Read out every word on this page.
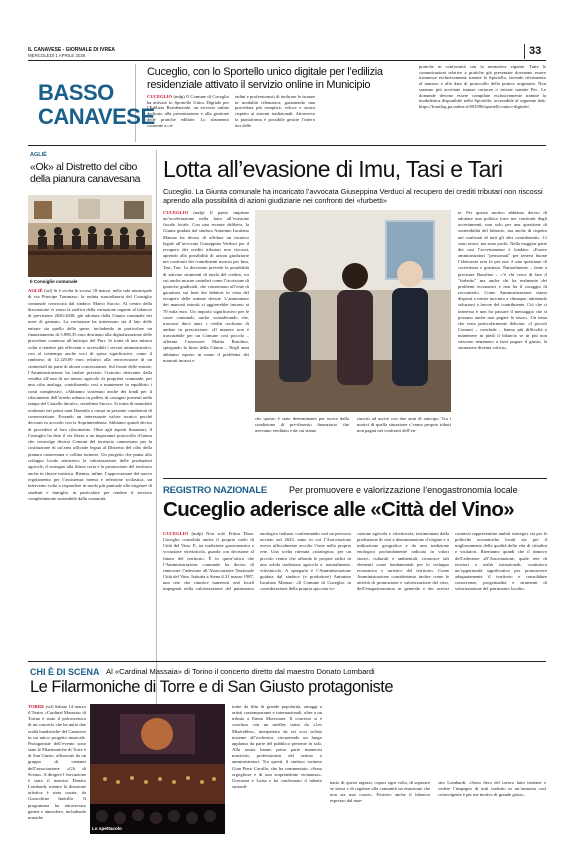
IL CANAVESE - GIORNALE DI IVREA
MERCOLEDÌ 1 APRILE 2026	33
BASSO
CANAVESE
Cuceglio, con lo Sportello unico digitale per l’edilizia residenziale attivato il servizio online in Municipio
CUCEGLIO (mdp) Il Comune di Cuceglio ha attivato lo Sportello Unico Digitale per l’Edilizia Residenziale, un servizio online dedicato alla presentazione e alla gestione delle pratiche edilizie. Lo strumento consente a cit-
tadini e professionisti di inoltrare le istanze in modalità telematica, garantendo una procedura più semplice, veloce e sicura rispetto ai sistemi tradizionali. Attraverso la piattaforma è possibile gestire l’intero iter delle
pratiche in conformità con la normativa vigente. Tutte le comunicazioni relative a pratiche già presentate dovranno essere trasmesse esclusivamente tramite lo Sportello, facendo riferimento al numero e alla data di protocollo della pratica originaria. Non saranno più accettate istanze cartacee o inviate tramite Pec. Le domande devono essere compilate esclusivamente tramite la modulistica disponibile nello Sportello, accessibile al seguente link: https://frontlog.pa.online.it/001096/sportello-unico-digitale/.
AGLIÈ
«Ok» al Distretto del cibo della pianura canavesana
Il Consiglio comunale
AGLIÈ (ssl) Si è svolta lo scorso 18 marzo, nella sala municipale di via Principe Tommaso, la seduta straordinaria del Consiglio comunale convocata dal sindaco Marco Succio. Al centro della discussione vi erano la ratifica della variazione urgente al bilancio di previsione 2026-2028, già adottata dalla Giunta comunale nei mesi di gennaio. La variazione ha interessato sia il lato delle entrate sia quello delle spese, includendo in particolare un finanziamento di 5.898,35 euro destinato alla digitalizzazione delle procedure connesse all’anticipo del Pnrr. Si tratta di una misura volta a rendere più efficienti e accessibili i servizi amministrativi, con al contempo anche voci di spesa significative, come il rimborso di 12.129,89 euro relativo alla retrocessione di un cimiteriali da parte di alcuni concessionari. Sul fronte delle entrate, l’Amministrazione ha inoltre previsto l’introito derivante dalla vendita all’asta di un mezzo agricolo di proprietà comunale, per una cifra analoga, contribuendo così a mantenere in equilibrio i conti complessivi. «Abbiamo sostenuto anche dei fondi per il rifacimento dell’arredo urbano in pallets di castagno presenti nella rampa del Castello ducale», sottolinea Succio. Si tratta di manufatti realizzati nei primi anni Duemila e ormai in pessime condizioni di conservazione. Essendo un interessante valore tecnico perché decorati in accordo con la Soprintendenza. Abbiamo quindi deciso di procedere al loro rifacimento. Oltre agli aspetti finanziari, il Consiglio ha dato il via libera a un importante protocollo d’intesa che coinvolge diversi Comuni del territorio canavesano per la costituzione di un’area ufficiale legata al Distretto del cibo della pianura canavesana e collina torinese. Un progetto che punta allo sviluppo locale attraverso la valorizzazione delle produzioni agricole, il sostegno alla filiera corta e la promozione del territorio anche in chiave turistica. Rientra, infine, l’approvazione del nuovo regolamento per l’assistenza mensa e refezione scolastica, un intervento volto a rispondere in modo più puntuale alle esigenze di studenti e famiglie, in particolare per rendere il servizio completamente sostenibile dalla comunità.
Lotta all’evasione di Imu, Tasi e Tari
Cuceglio. La Giunta comunale ha incaricato l’avvocata Giuseppina Verduci al recupero dei crediti tributari non riscossi aprendo alla possibilità di azioni giudiziarie nei confronti dei «furbetti»
CUCEGLIO (mdp) Il paese imprime un’accelerazione nella lotta all’evasione fiscale locale. Con una recente delibera, la Giunta guidata dal sindaco Antonino Iuculano Mamao ha deciso di affidare un incarico legale all’avvocata Giuseppina Verduci per il recupero dei crediti tributari non riscossi, aprendo alla possibilità di azioni giudiziarie nei confronti dei contribuenti morosi per Imu, Tasi, Tari. La decisione prevede la possibilità di attivare strumenti di tutela del credito, tra cui anche misure cautelari come l’iscrizione di ipoteche giudiziali, che consentono all’ente di garantirsi sui beni dei debitori in vista del recupero delle somme dovute. L’ammontare dei mancati introiti si aggirerebbe intorno ai 70 mila euro. Un importo significativo per le casse comunali, anche considerando che, trascorsi dieci anni, i crediti rischiano di andare in prescrizione: «Il numero non è trascurabile per un Comune così piccolo – afferma l’assessore Mattia Basolino, spiegando la linea della Giunta – Negli anni abbiamo ripreso in mano il problema dei mancati incassi e
che questo è stato determinante per uscire dalla condizione di pre-dissesto finanziario che avevamo ereditato e da cui siamo
riusciti ad uscire con due anni di anticipo. Tra i motivi di quella situazione c’erano proprio tributi non pagati nei confronti dell’en-
te. Per questo motivo abbiamo deciso di adottare una politica forte nei confronti degli accertamenti, non solo per una questione di sostenibilità del bilancio, ma anche di rispetto nei confronti di tutti gli altri contribuenti». Ci sono errori, ma sono pochi. Nella maggior parte dei casi l’accertamento è fondato: «Essere amministratori "pensionati" per tenersi buone l’elettorato non fa per noi: è una questione di correttezza e giustizia. Naturalmente – tiene a precisare Basolino – c’è chi cerca di fare il "furbetto" ma anche chi ha realmente dei problemi economici e non ha il coraggio di raccontarlo. Come Amministrazione siamo disposti a venire incontro a chiunque, adottando soluzioni a favore del contribuente. Ciò che ci interessa è non far passare il messaggio che si possano anche non pagare le tasse». Un tema che resta particolarmente delicato: «I piccoli Comuni – conclude – hanno più difficoltà a mantenere in piedi il bilancio se in più non riescono nemmeno a farsi pagare il giusto, la situazione diventa critica».
REGISTRO NAZIONALE Per promuovere e valorizzazione l’enogastronomia locale
Cuceglio aderisce alle «Città del Vino»
CUCEGLIO (mdp) Non solo Frittra Dasa: Cuceglio consolida anche il proprio ruolo di Città del Vino. E, tra tradizione gastronomica e vocazione vitivinicola, guarda con decisione al futuro del territorio. È in quest’ottica che l’Amministrazione comunale ha deciso di rinnovare l’adesione all’Associazione Nazionale Città del Vino. Istituita a Siena il 21 marzo 1987, una rete che riunisce numerosi enti locali impegnati nella valorizzazione del patrimonio enologico italiano, confermando così un percorso avviato nel 2023, anno in cui l’Associazione aveva ufficialmente accolto l’ente nella propria rete. Una scelta ritenuta «strategica» per un piccolo centro che affonda le proprie radici in una solida tradizione agricola e, naturalmente, vitivinicola. A spiegarla è l’Amministrazione guidata dal sindaco (e produttore) Antonino Iuculano Mamao: «Il Comune di Cuceglio, in considerazione della propria spiccata vo-
cazione agricola e vitivinicola, testimoniata dalla produzione di vini a denominazione d’origine e a indicazione geografica e da una tradizione enologica profondamente radicata in valori storici, culturali e ambientali, riconosce tali elementi come fondamentali per lo sviluppo economico e turistico del territorio. Come Amministrazione consideriamo inoltre come le attività di promozione e valorizzazione del vino, dell’enogastronomia in generale e dei servizi connessi rappresentino ambiti strategici sia per le politiche economiche locali sia per il miglioramento della qualità della vita di cittadini e visitatori. Riteniamo quindi che il rinnovo dell’adesione all’Associazione, quale rete di territori e realtà istituzionali, costituisca un’opportunità significativa per promuovere adeguatamente il territorio e consolidare conoscenze, progettualità e strumenti di valorizzazione del patrimonio locale».
CHI È DI SCENA Al «Cardinal Massaia» di Torino il concerto diretto dal maestro Donato Lombardi
Le Filarmoniche di Torre e di San Giusto protagoniste
TORRE (ssl) Sabato 14 marzo il Teatro «Cardinal Massaia» di Torino è stato il palcoscenico di un concerto che ha unito due realtà bandistiche del Canavese in un unico progetto musicale. Protagoniste dell’evento sono state le Filarmoniche di Torre e di San Giusto, affiancate da un gruppo di cantanti dell’associazione «Gli di Scena». A dirigere l’esecuzione è stato il maestro Donato Lombardi, mentre la direzione artistica è stata curata, da Gioacchino Inzirillo. Il programma ha attraversato generi e atmosfere, includendo musiche
Lo spettacolo
tratte da film di grande popolarità, omaggi a artisti contemporanei e internazionali, oltre a un tributo a Ennio Morricone. Il concerto si è concluso con un medley tratto da «Les Misérables», interpretato da sei voci soliste insieme all’orchestra, riscuotendo un lungo applauso da parte del pubblico presente in sala. Alla serata hanno preso parte numerosi musicisti, professionisti del settore e amministratori. Tra questi, il sindaco torinese Gian Piero Cavallo, che ha commentato: «Sono orgogliose e di una sorprendente vicinanza». Giovanni e Luisa e ha confermato il talento straordi-
nario di questi ragazzi, capaci ogni volta, di superare se stessi e di regalare alla comunità un emozione che non sia mai cuore». Positivo anche il bilancio espresso dal mae-
stro Lombardi: «Sono fiero del lavoro fatto insieme e vedere l’impegno di tutti tradotto in un’armonia così coinvolgente è per me motivo di grande gioia».
